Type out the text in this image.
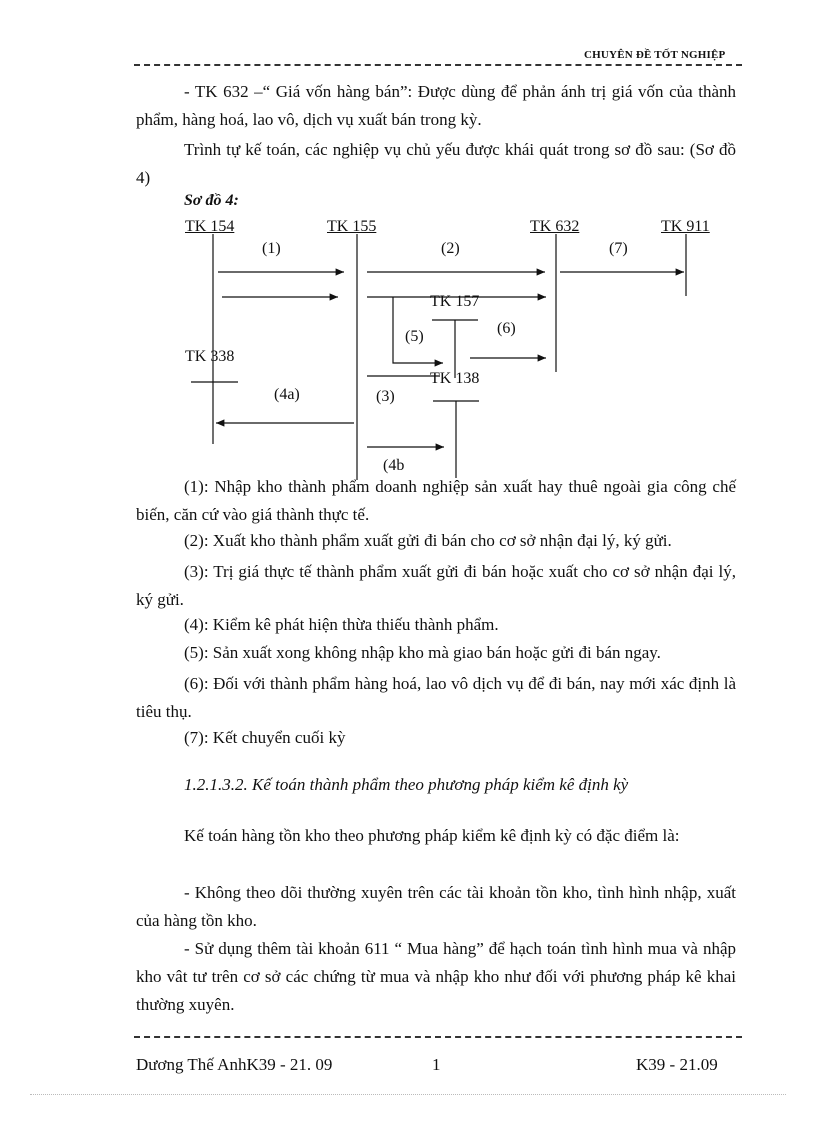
CHUYÊN ĐỀ TỐT NGHIỆP
- TK 632 –“ Giá vốn hàng bán”: Được dùng để phản ánh trị giá vốn của thành phẩm, hàng hoá, lao vô, dịch vụ xuất bán trong kỳ.
Trình tự kế toán, các nghiệp vụ chủ yếu được khái quát trong sơ đồ sau: (Sơ đồ 4)
Sơ đồ 4:
TK 154	TK 155	TK 632	TK 911
TK 157
TK 338
TK 138
(1)	(2)	(7)
(5)	(6)
(4a)	(3)
(4b
(1): Nhập kho thành phẩm doanh nghiệp sản xuất hay thuê ngoài gia công chế biến, căn cứ vào giá thành thực tế.
(2): Xuất kho thành phẩm xuất gửi đi bán cho cơ sở nhận đại lý, ký gửi.
(3): Trị giá thực tế thành phẩm xuất gửi đi bán hoặc xuất cho cơ sở nhận đại lý, ký gửi.
(4): Kiểm kê phát hiện thừa thiếu thành phẩm.
(5): Sản xuất xong không nhập kho mà giao bán hoặc gửi đi bán ngay.
(6): Đối với thành phẩm hàng hoá, lao vô dịch vụ để đi bán, nay mới xác định là tiêu thụ.
(7): Kết chuyển cuối kỳ
1.2.1.3.2. Kế toán thành phẩm theo phương pháp kiểm kê định kỳ
Kế toán hàng tồn kho theo phương pháp kiểm kê định kỳ có đặc điểm là:
- Không theo dõi thường xuyên trên các tài khoản tồn kho, tình hình nhập, xuất của hàng tồn kho.
- Sử dụng thêm tài khoản 611 “ Mua hàng” để hạch toán tình hình mua và nhập kho vât tư trên cơ sở các chứng từ mua và nhập kho như đối với phương pháp kê khai thường xuyên.
Dương Thế AnhK39 - 21. 09	1	K39 - 21.09
